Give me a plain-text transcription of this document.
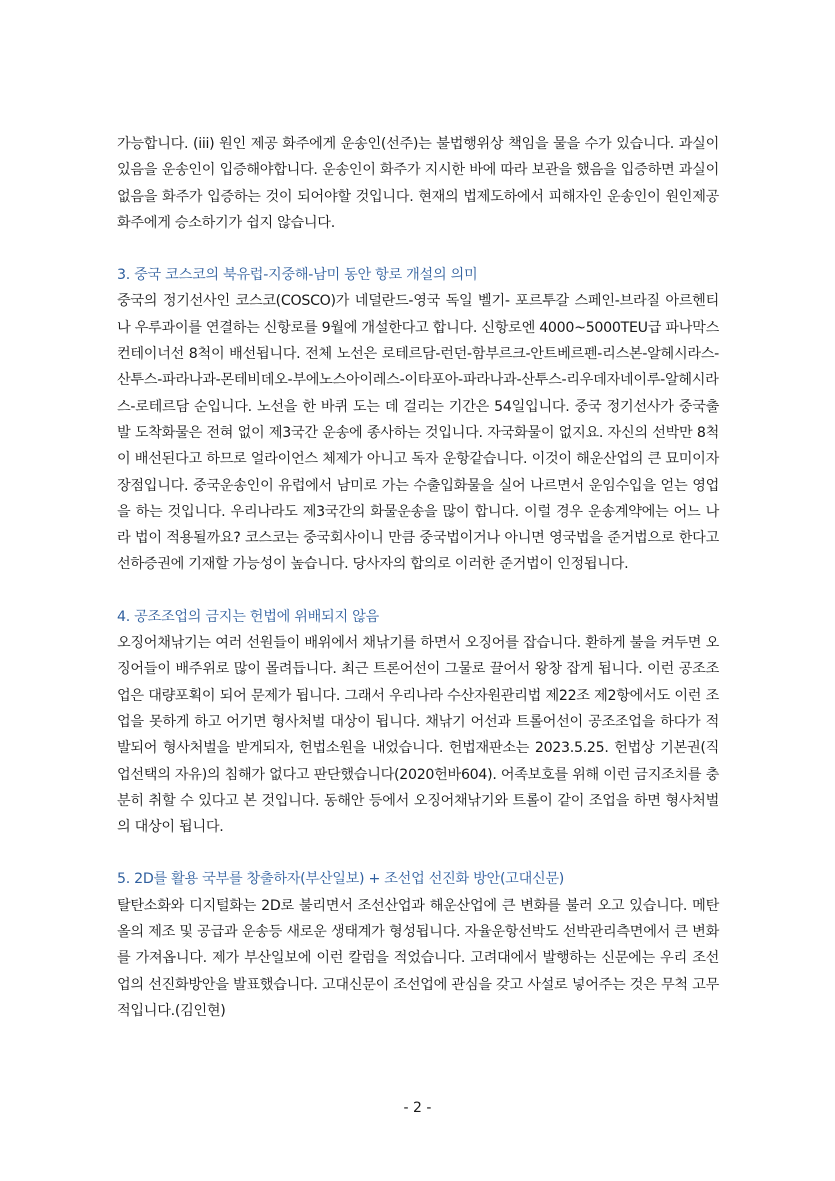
가능합니다. (iii) 원인 제공 화주에게 운송인(선주)는 불법행위상 책임을 물을 수가 있습니다. 과실이 있음을 운송인이 입증해야합니다. 운송인이 화주가 지시한 바에 따라 보관을 했음을 입증하면 과실이 없음을 화주가 입증하는 것이 되어야할 것입니다. 현재의 법제도하에서 피해자인 운송인이 원인제공 화주에게 승소하기가 쉽지 않습니다.

3. 중국 코스코의 북유럽-지중해-남미 동안 항로 개설의 의미

중국의 정기선사인 코스코(COSCO)가 네덜란드-영국 독일 벨기- 포르투갈 스페인-브라질 아르헨티나 우루과이를 연결하는 신항로를 9월에 개설한다고 합니다. 신항로엔 4000~5000TEU급 파나막스 컨테이너선 8척이 배선됩니다. 전체 노선은 로테르담-런던-함부르크-안트베르펜-리스본-알헤시라스-산투스-파라나과-몬테비데오-부에노스아이레스-이타포아-파라나과-산투스-리우데자네이루-알헤시라스-로테르담 순입니다. 노선을 한 바퀴 도는 데 걸리는 기간은 54일입니다. 중국 정기선사가 중국출발 도착화물은 전혀 없이 제3국간 운송에 종사하는 것입니다. 자국화물이 없지요. 자신의 선박만 8척이 배선된다고 하므로 얼라이언스 체제가 아니고 독자 운항같습니다. 이것이 해운산업의 큰 묘미이자 장점입니다. 중국운송인이 유럽에서 남미로 가는 수출입화물을 실어 나르면서 운임수입을 얻는 영업을 하는 것입니다. 우리나라도 제3국간의 화물운송을 많이 합니다. 이럴 경우 운송계약에는 어느 나라 법이 적용될까요? 코스코는 중국회사이니 만큼 중국법이거나 아니면 영국법을 준거법으로 한다고 선하증권에 기재할 가능성이 높습니다. 당사자의 합의로 이러한 준거법이 인정됩니다.

4. 공조조업의 금지는 헌법에 위배되지 않음

오징어채낚기는 여러 선원들이 배위에서 채낚기를 하면서 오징어를 잡습니다. 환하게 불을 켜두면 오징어들이 배주위로 많이 몰려듭니다. 최근 트론어선이 그물로 끌어서 왕창 잡게 됩니다. 이런 공조조업은 대량포획이 되어 문제가 됩니다. 그래서 우리나라 수산자원관리법 제22조 제2항에서도 이런 조업을 못하게 하고 어기면 형사처벌 대상이 됩니다. 채낚기 어선과 트롤어선이 공조조업을 하다가 적발되어 형사처벌을 받게되자, 헌법소원을 내었습니다. 헌법재판소는 2023.5.25. 헌법상 기본권(직업선택의 자유)의 침해가 없다고 판단했습니다(2020헌바604). 어족보호를 위해 이런 금지조치를 충분히 취할 수 있다고 본 것입니다. 동해안 등에서 오징어채낚기와 트롤이 같이 조업을 하면 형사처벌의 대상이 됩니다.

5. 2D를 활용 국부를 창출하자(부산일보) + 조선업 선진화 방안(고대신문)

탈탄소화와 디지털화는 2D로 불리면서 조선산업과 해운산업에 큰 변화를 불러 오고 있습니다. 메탄올의 제조 및 공급과 운송등 새로운 생태계가 형성됩니다. 자율운항선박도 선박관리측면에서 큰 변화를 가져옵니다. 제가 부산일보에 이런 칼럼을 적었습니다. 고려대에서 발행하는 신문에는 우리 조선업의 선진화방안을 발표했습니다. 고대신문이 조선업에 관심을 갖고 사설로 넣어주는 것은 무척 고무적입니다.(김인현)

- 2 -
